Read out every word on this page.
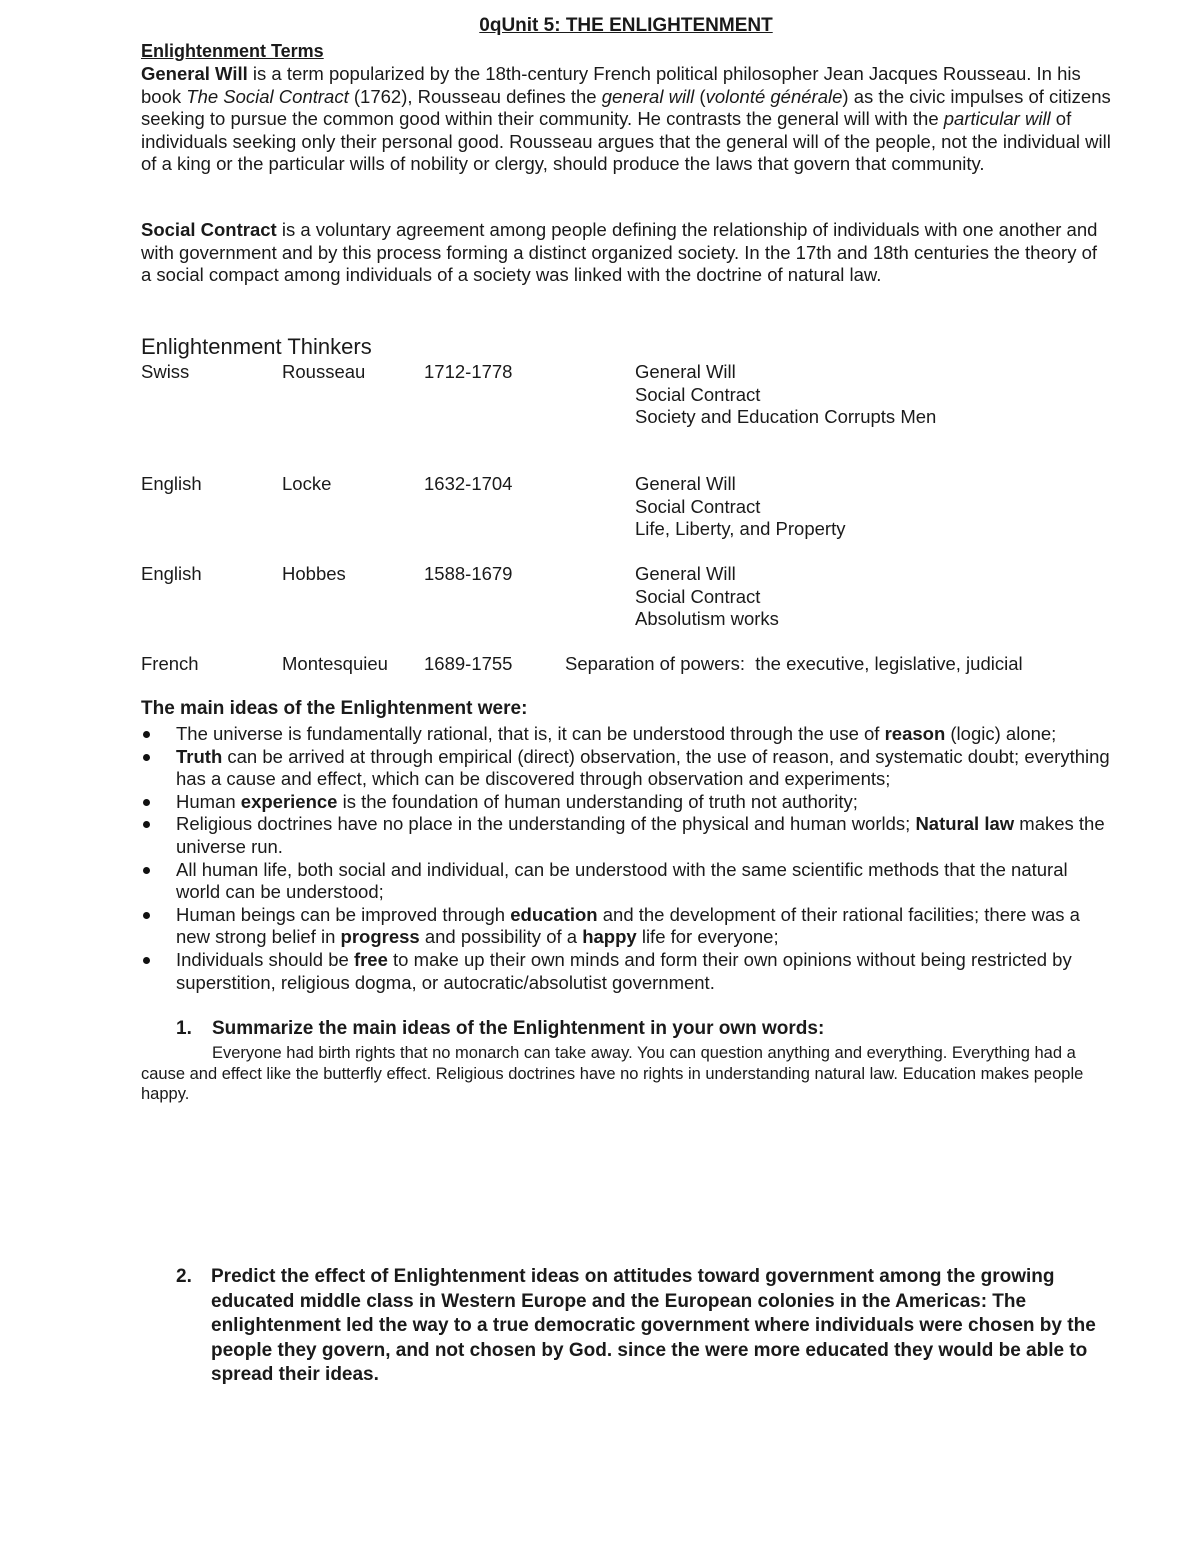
0qUnit 5: THE ENLIGHTENMENT
Enlightenment Terms

General Will is a term popularized by the 18th-century French political philosopher Jean Jacques Rousseau. In his book The Social Contract (1762), Rousseau defines the general will (volonté générale) as the civic impulses of citizens seeking to pursue the common good within their community. He contrasts the general will with the particular will of individuals seeking only their personal good. Rousseau argues that the general will of the people, not the individual will of a king or the particular wills of nobility or clergy, should produce the laws that govern that community.

Social Contract is a voluntary agreement among people defining the relationship of individuals with one another and with government and by this process forming a distinct organized society. In the 17th and 18th centuries the theory of a social compact among individuals of a society was linked with the doctrine of natural law.

Enlightenment Thinkers
Swiss	Rousseau	1712-1778	General Will
Social Contract
Society and Education Corrupts Men
English	Locke	1632-1704	General Will
Social Contract
Life, Liberty, and Property
English	Hobbes	1588-1679	General Will
Social Contract
Absolutism works
French	Montesquieu 1689-1755	Separation of powers:  the executive, legislative, judicial
The main ideas of the Enlightenment were:
The universe is fundamentally rational, that is, it can be understood through the use of reason (logic) alone;
Truth can be arrived at through empirical (direct) observation, the use of reason, and systematic doubt; everything has a cause and effect, which can be discovered through observation and experiments;
Human experience is the foundation of human understanding of truth not authority;
Religious doctrines have no place in the understanding of the physical and human worlds; Natural law makes the universe run.
All human life, both social and individual, can be understood with the same scientific methods that the natural world can be understood;
Human beings can be improved through education and the development of their rational facilities; there was a new strong belief in progress and possibility of a happy life for everyone;
Individuals should be free to make up their own minds and form their own opinions without being restricted by superstition, religious dogma, or autocratic/absolutist government.
1. Summarize the main ideas of the Enlightenment in your own words:
Everyone had birth rights that no monarch can take away. You can question anything and everything. Everything had a cause and effect like the butterfly effect. Religious doctrines have no rights in understanding natural law. Education makes people happy.
2. Predict the effect of Enlightenment ideas on attitudes toward government among the growing educated middle class in Western Europe and the European colonies in the Americas: The enlightenment led the way to a true democratic government where individuals were chosen by the people they govern, and not chosen by God. since the were more educated they would be able to spread their ideas.
